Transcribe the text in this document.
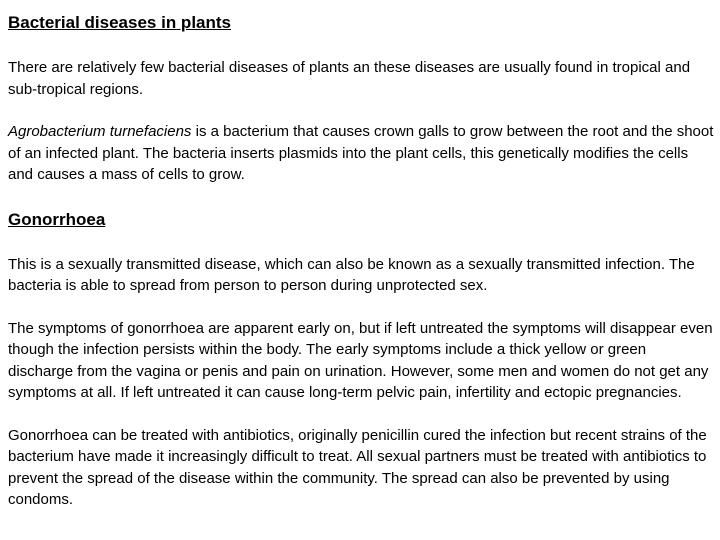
Bacterial diseases in plants

There are relatively few bacterial diseases of plants an these diseases are usually found in tropical and sub-tropical regions.

Agrobacterium turnefaciens is a bacterium that causes crown galls to grow between the root and the shoot of an infected plant. The bacteria inserts plasmids into the plant cells, this genetically modifies the cells and causes a mass of cells to grow.

Gonorrhoea

This is a sexually transmitted disease, which can also be known as a sexually transmitted infection. The bacteria is able to spread from person to person during unprotected sex.

The symptoms of gonorrhoea are apparent early on, but if left untreated the symptoms will disappear even though the infection persists within the body. The early symptoms include a thick yellow or green discharge from the vagina or penis and pain on urination. However, some men and women do not get any symptoms at all. If left untreated it can cause long-term pelvic pain, infertility and ectopic pregnancies.

Gonorrhoea can be treated with antibiotics, originally penicillin cured the infection but recent strains of the bacterium have made it increasingly difficult to treat. All sexual partners must be treated with antibiotics to prevent the spread of the disease within the community. The spread can also be prevented by using condoms.
